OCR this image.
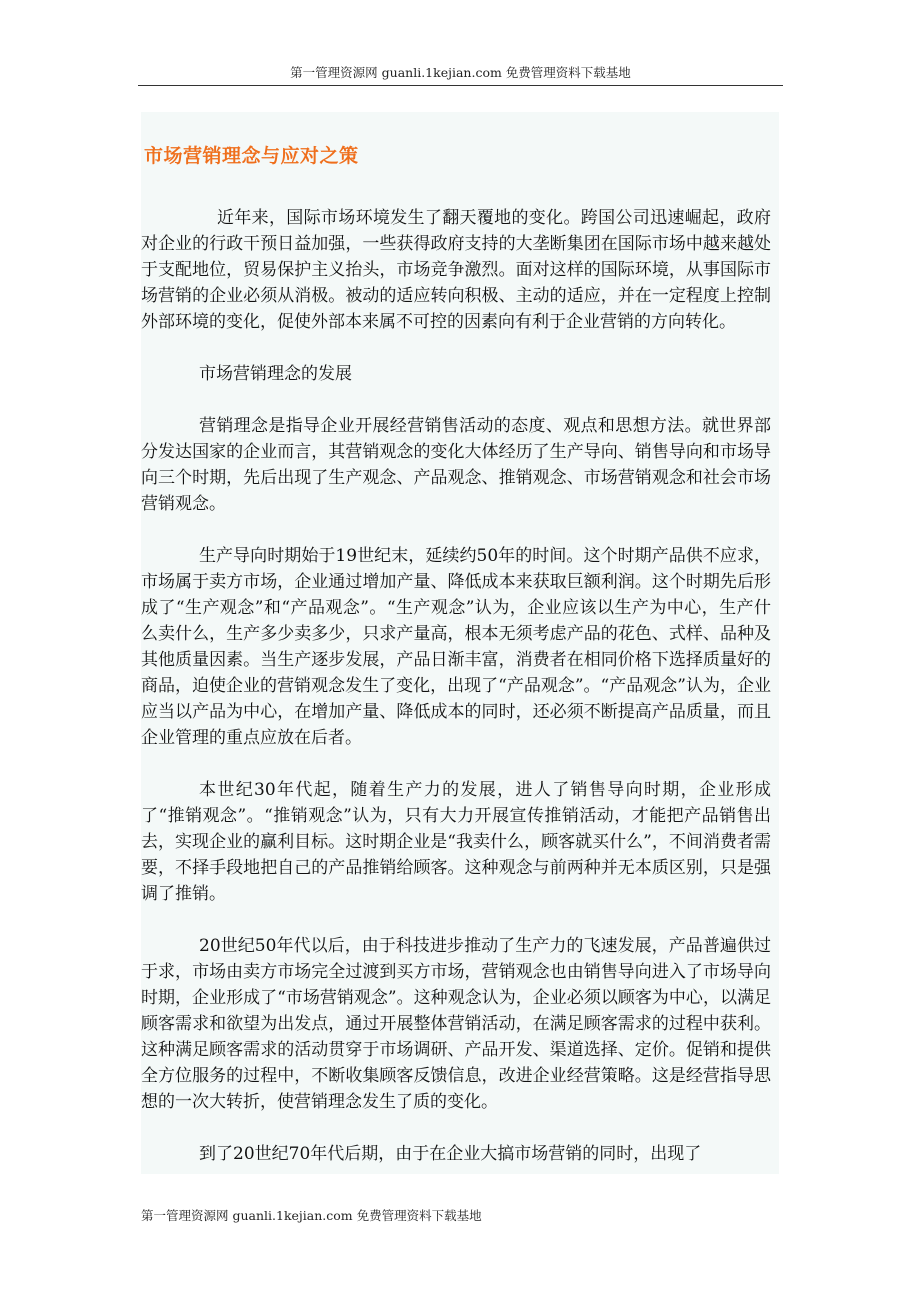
第一管理资源网 guanli.1kejian.com 免费管理资料下载基地
市场营销理念与应对之策

近年来，国际市场环境发生了翻天覆地的变化。跨国公司迅速崛起，政府对企业的行政干预日益加强，一些获得政府支持的大垄断集团在国际市场中越来越处于支配地位，贸易保护主义抬头，市场竞争激烈。面对这样的国际环境，从事国际市场营销的企业必须从消极。被动的适应转向积极、主动的适应，并在一定程度上控制外部环境的变化，促使外部本来属不可控的因素向有利于企业营销的方向转化。

市场营销理念的发展

营销理念是指导企业开展经营销售活动的态度、观点和思想方法。就世界部分发达国家的企业而言，其营销观念的变化大体经历了生产导向、销售导向和市场导向三个时期，先后出现了生产观念、产品观念、推销观念、市场营销观念和社会市场营销观念。

生产导向时期始于19世纪末，延续约50年的时间。这个时期产品供不应求，市场属于卖方市场，企业通过增加产量、降低成本来获取巨额利润。这个时期先后形成了“生产观念”和“产品观念”。“生产观念”认为，企业应该以生产为中心，生产什么卖什么，生产多少卖多少，只求产量高，根本无须考虑产品的花色、式样、品种及其他质量因素。当生产逐步发展，产品日渐丰富，消费者在相同价格下选择质量好的商品，迫使企业的营销观念发生了变化，出现了“产品观念”。“产品观念”认为，企业应当以产品为中心，在增加产量、降低成本的同时，还必须不断提高产品质量，而且企业管理的重点应放在后者。

本世纪30年代起，随着生产力的发展，进人了销售导向时期，企业形成了“推销观念”。“推销观念”认为，只有大力开展宣传推销活动，才能把产品销售出去，实现企业的赢利目标。这时期企业是“我卖什么，顾客就买什么”，不间消费者需要，不择手段地把自己的产品推销给顾客。这种观念与前两种并无本质区别，只是强调了推销。

20世纪50年代以后，由于科技进步推动了生产力的飞速发展，产品普遍供过于求，市场由卖方市场完全过渡到买方市场，营销观念也由销售导向进入了市场导向时期，企业形成了“市场营销观念”。这种观念认为，企业必须以顾客为中心，以满足顾客需求和欲望为出发点，通过开展整体营销活动，在满足顾客需求的过程中获利。这种满足顾客需求的活动贯穿于市场调研、产品开发、渠道选择、定价。促销和提供全方位服务的过程中，不断收集顾客反馈信息，改进企业经营策略。这是经营指导思想的一次大转折，使营销理念发生了质的变化。

到了20世纪70年代后期，由于在企业大搞市场营销的同时，出现了

第一管理资源网 guanli.1kejian.com 免费管理资料下载基地
